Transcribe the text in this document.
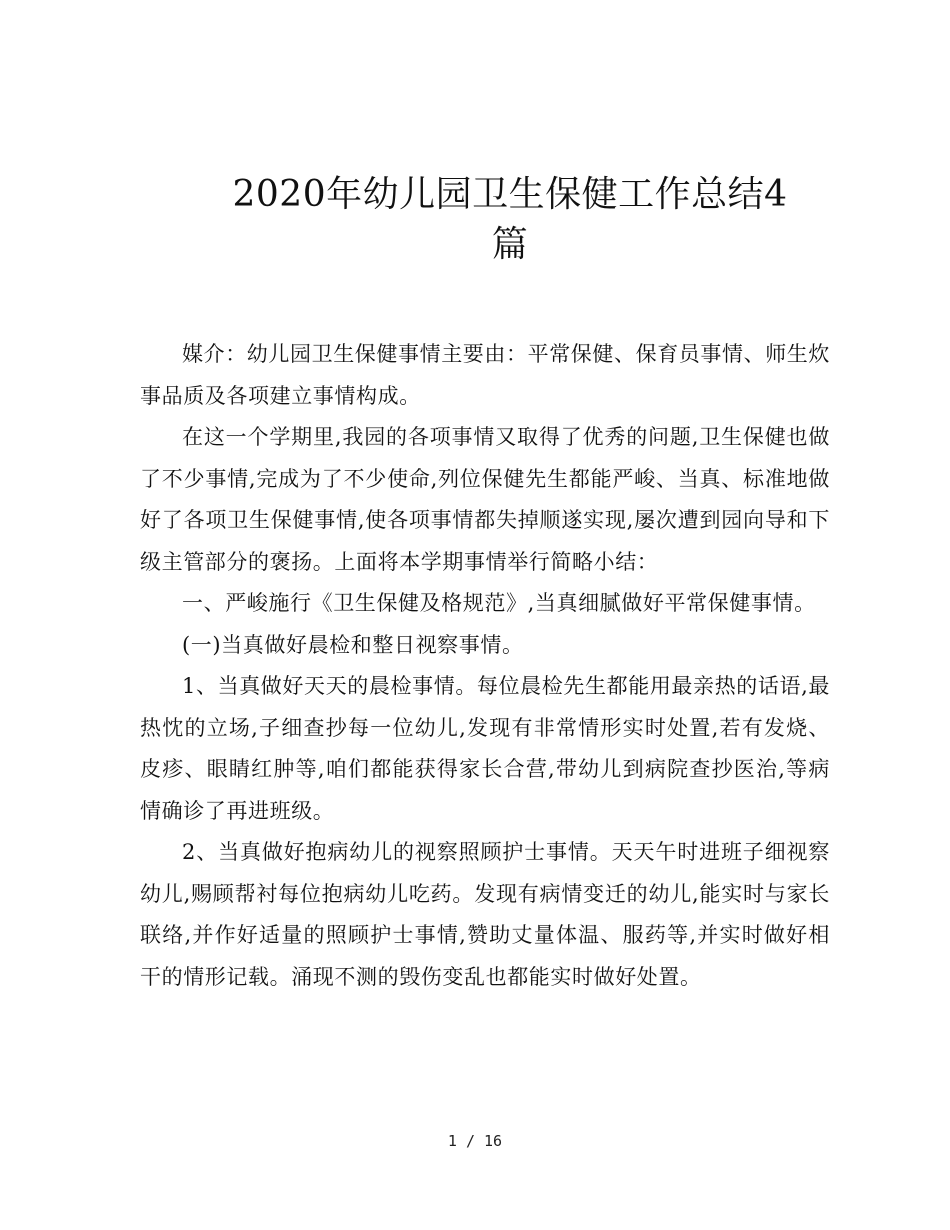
2020年幼儿园卫生保健工作总结4
篇

媒介：幼儿园卫生保健事情主要由：平常保健、保育员事情、师生炊事品质及各项建立事情构成。

在这一个学期里,我园的各项事情又取得了优秀的问题,卫生保健也做了不少事情,完成为了不少使命,列位保健先生都能严峻、当真、标准地做好了各项卫生保健事情,使各项事情都失掉顺遂实现,屡次遭到园向导和下级主管部分的褒扬。上面将本学期事情举行简略小结：

一、严峻施行《卫生保健及格规范》,当真细腻做好平常保健事情。

(一)当真做好晨检和整日视察事情。

1、当真做好天天的晨检事情。每位晨检先生都能用最亲热的话语,最热忱的立场,子细查抄每一位幼儿,发现有非常情形实时处置,若有发烧、皮疹、眼睛红肿等,咱们都能获得家长合营,带幼儿到病院查抄医治,等病情确诊了再进班级。

2、当真做好抱病幼儿的视察照顾护士事情。天天午时进班子细视察幼儿,赐顾帮衬每位抱病幼儿吃药。发现有病情变迁的幼儿,能实时与家长联络,并作好适量的照顾护士事情,赞助丈量体温、服药等,并实时做好相干的情形记载。涌现不测的毁伤变乱也都能实时做好处置。

1 / 16
